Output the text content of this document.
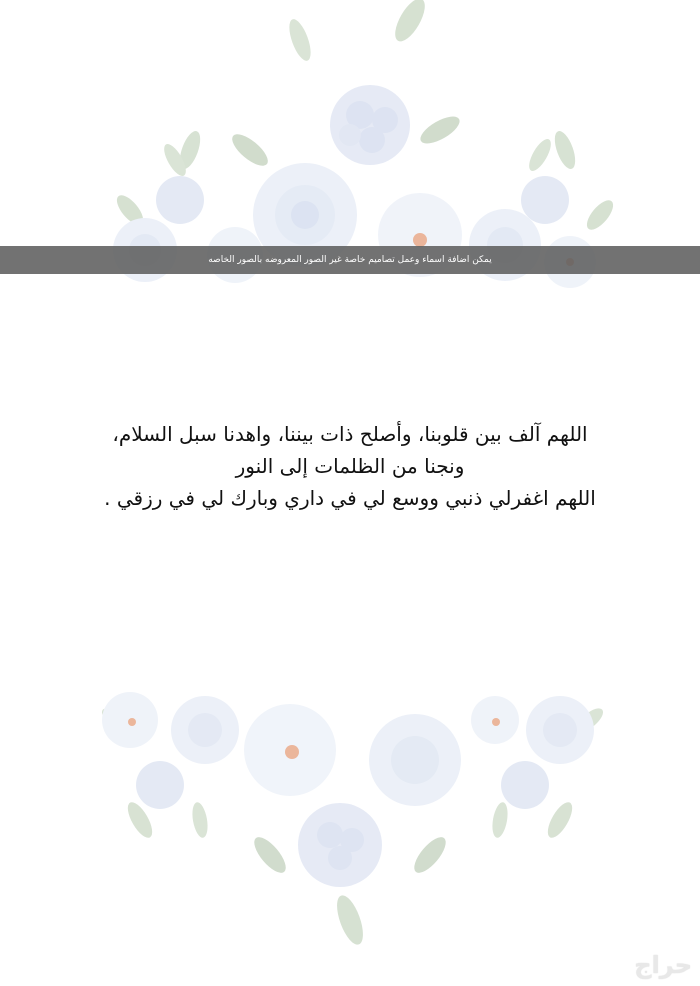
يمكن اضافة اسماء وعمل تصاميم خاصة غير الصور المعروضه بالصور الخاصه
اللهم آلف بين قلوبنا، وأصلح ذات بيننا، واهدنا سبل السلام،
ونجنا من الظلمات إلى النور
اللهم اغفرلي ذنبي ووسع لي في داري وبارك لي في رزقي .
حراج
